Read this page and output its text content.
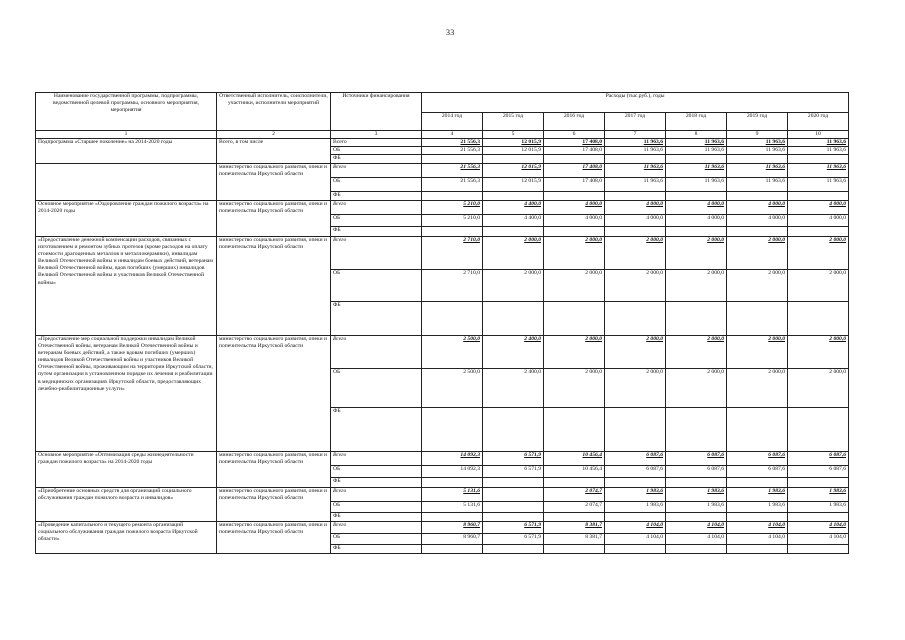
33
Наименование государственной программы, подпрограммы, ведомственной целевой программы, основного мероприятия, мероприятия	Ответственный исполнитель, соисполнители, участники, исполнители мероприятий	Источники финансирования	Расходы (тыс.руб.), годы						
			2014 год	2015 год	2016 год	2017 год	2018 год	2019 год	2020 год
1	2	3	4	5	6	7	8	9	10
Подпрограмма «Старшее поколение» на 2014-2020 годы	Всего, в том числе	Всего	21 556,3	12 015,9	17 408,0	11 963,6	11 963,6	11 963,6	11 963,6
		ОБ	21 556,3	12 015,9	17 408,0	11 963,6	11 963,6	11 963,6	11 963,6
		ФБ							
	министерство социального развития, опеки и попечительства Иркутской области	Всего	21 556,3	12 015,9	17 408,0	11 963,6	11 963,6	11 963,6	11 963,6
		ОБ	21 556,3	12 015,9	17 408,0	11 963,6	11 963,6	11 963,6	11 963,6
		ФБ							
Основное мероприятие «Оздоровление граждан пожилого возраста» на 2014-2020 годы	министерство социального развития, опеки и попечительства Иркутской области	Всего	5 210,0	4 400,0	4 000,0	4 000,0	4 000,0	4 000,0	4 000,0
		ОБ	5 210,0	4 400,0	4 000,0	4 000,0	4 000,0	4 000,0	4 000,0
		ФБ							
«Предоставление денежной компенсации расходов, связанных с изготовлением и ремонтом зубных протезов (кроме расходов на оплату стоимости драгоценных металлов и металлокерамики), инвалидам Великой Отечественной войны и инвалидам боевых действий, ветеранам Великой Отечественной войны, вдов погибших (умерших) инвалидов Великой Отечественной войны и участников Великой Отечественной войны»	министерство социального развития, опеки и попечительства Иркутской области	Всего	2 710,0	2 000,0	2 000,0	2 000,0	2 000,0	2 000,0	2 000,0
		ОБ	2 710,0	2 000,0	2 000,0	2 000,0	2 000,0	2 000,0	2 000,0
		ФБ							
«Предоставление мер социальной поддержки инвалидам Великой Отечественной войны, ветеранам Великой Отечественной войны и ветеранам боевых действий, а также вдовам погибших (умерших) инвалидов Великой Отечественной войны и участников Великой Отечественной войны, проживающим на территории Иркутской области, путем организации в установленном порядке их лечения и реабилитации в медицинских организациях Иркутской области, предоставляющих лечебно-реабилитационные услуги»	министерство социального развития, опеки и попечительства Иркутской области	Всего	2 500,0	2 400,0	2 000,0	2 000,0	2 000,0	2 000,0	2 000,0
		ОБ	2 500,0	2 400,0	2 000,0	2 000,0	2 000,0	2 000,0	2 000,0
		ФБ							
Основное мероприятие «Оптимизация среды жизнедеятельности граждан пожилого возраста» на 2014-2020 годы	министерство социального развития, опеки и попечительства Иркутской области	Всего	14 092,3	6 571,9	10 456,4	6 087,6	6 087,6	6 087,6	6 087,6
		ОБ	14 092,3	6 571,9	10 456,4	6 087,6	6 087,6	6 087,6	6 087,6
		ФБ							
«Приобретение основных средств для организаций социального обслуживания граждан пожилого возраста и инвалидов»	министерство социального развития, опеки и попечительства Иркутской области	Всего	5 131,6		2 074,7	1 983,6	1 983,6	1 983,6	1 983,6
		ОБ	5 131,6		2 074,7	1 983,6	1 983,6	1 983,6	1 983,6
		ФБ							
«Проведение капитального и текущего ремонта организаций социального обслуживания граждан пожилого возраста Иркутской области»	министерство социального развития, опеки и попечительства Иркутской области	Всего	8 960,7	6 571,9	8 381,7	4 104,0	4 104,0	4 104,0	4 104,0
		ОБ	8 960,7	6 571,9	8 381,7	4 104,0	4 104,0	4 104,0	4 104,0
		ФБ							
